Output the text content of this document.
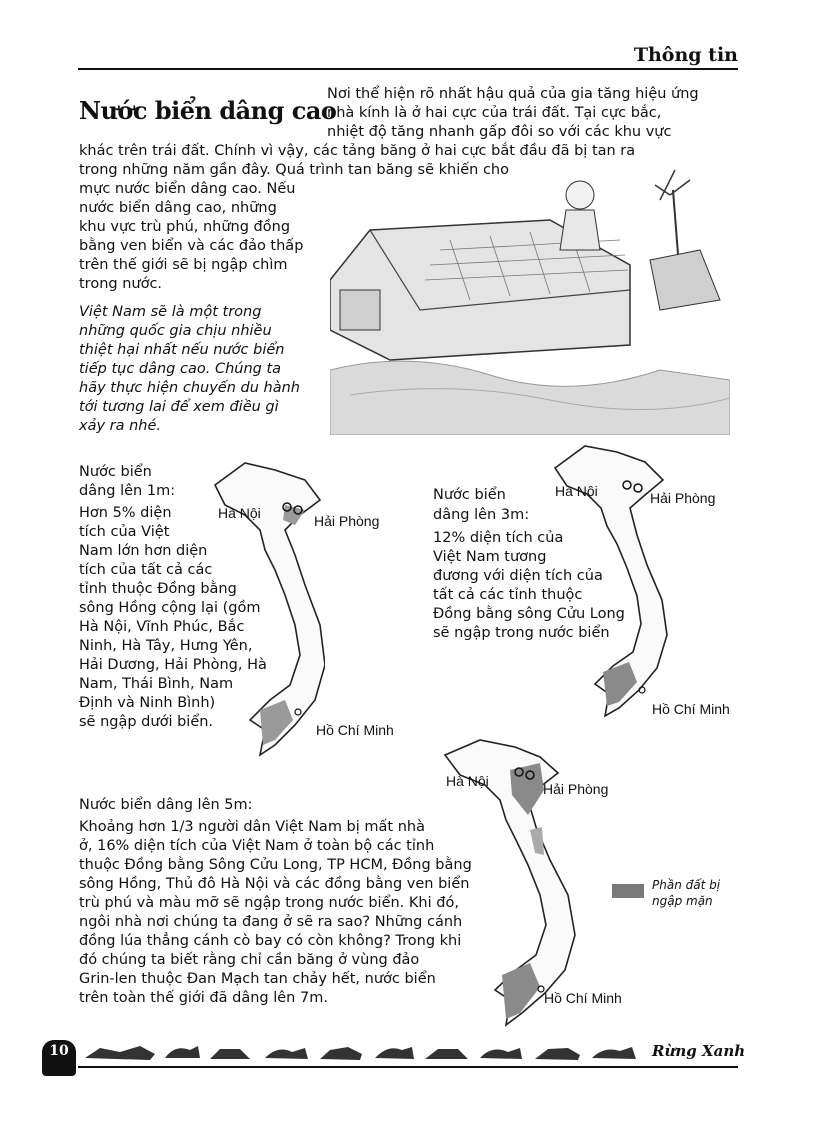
Thông tin
Nước biển dâng cao
Nơi thể hiện rõ nhất hậu quả của gia tăng hiệu ứng
nhà kính là ở hai cực của trái đất. Tại cực bắc,
nhiệt độ tăng nhanh gấp đôi so với các khu vực
khác trên trái đất. Chính vì vậy, các tảng băng ở hai cực bắt đầu đã bị tan ra
trong những năm gần đây. Quá trình tan băng sẽ khiến cho
mực nước biển dâng cao. Nếu
nước biển dâng cao, những
khu vực trù phú, những đồng
bằng ven biển và các đảo thấp
trên thế giới sẽ bị ngập chìm
trong nước.
Việt Nam sẽ là một trong
những quốc gia chịu nhiều
thiệt hại nhất nếu nước biển
tiếp tục dâng cao. Chúng ta
hãy thực hiện chuyến du hành
tới tương lai để xem điều gì
xảy ra nhé.
Hà Nội	Hải Phòng
Hồ Chí Minh
Nước biển
dâng lên 1m:
Hơn 5% diện
tích của Việt
Nam lớn hơn diện
tích của tất cả các
tỉnh thuộc Đồng bằng
sông Hồng cộng lại (gồm
Hà Nội, Vĩnh Phúc, Bắc
Ninh, Hà Tây, Hưng Yên,
Hải Dương, Hải Phòng, Hà
Nam, Thái Bình, Nam
Định và Ninh Bình)
sẽ ngập dưới biển.
Hà Nội	Hải Phòng
Hồ Chí Minh
Nước biển
dâng lên 3m:
12% diện tích của
Việt Nam tương
đương với diện tích của
tất cả các tỉnh thuộc
Đồng bằng sông Cửu Long
sẽ ngập trong nước biển
Hà Nội	Hải Phòng
Hồ Chí Minh
Phần đất bị
ngập mặn
Nước biển dâng lên 5m:
Khoảng hơn 1/3 người dân Việt Nam bị mất nhà
ở, 16% diện tích của Việt Nam ở toàn bộ các tỉnh
thuộc Đồng bằng Sông Cửu Long, TP HCM, Đồng bằng
sông Hồng, Thủ đô Hà Nội và các đồng bằng ven biển
trù phú và màu mỡ sẽ ngập trong nước biển. Khi đó,
ngôi nhà nơi chúng ta đang ở sẽ ra sao? Những cánh
đồng lúa thẳng cánh cò bay có còn không? Trong khi
đó chúng ta biết rằng chỉ cần băng ở vùng đảo
Grin-len thuộc Đan Mạch tan chảy hết, nước biển
trên toàn thế giới đã dâng lên 7m.
10	Rừng Xanh
